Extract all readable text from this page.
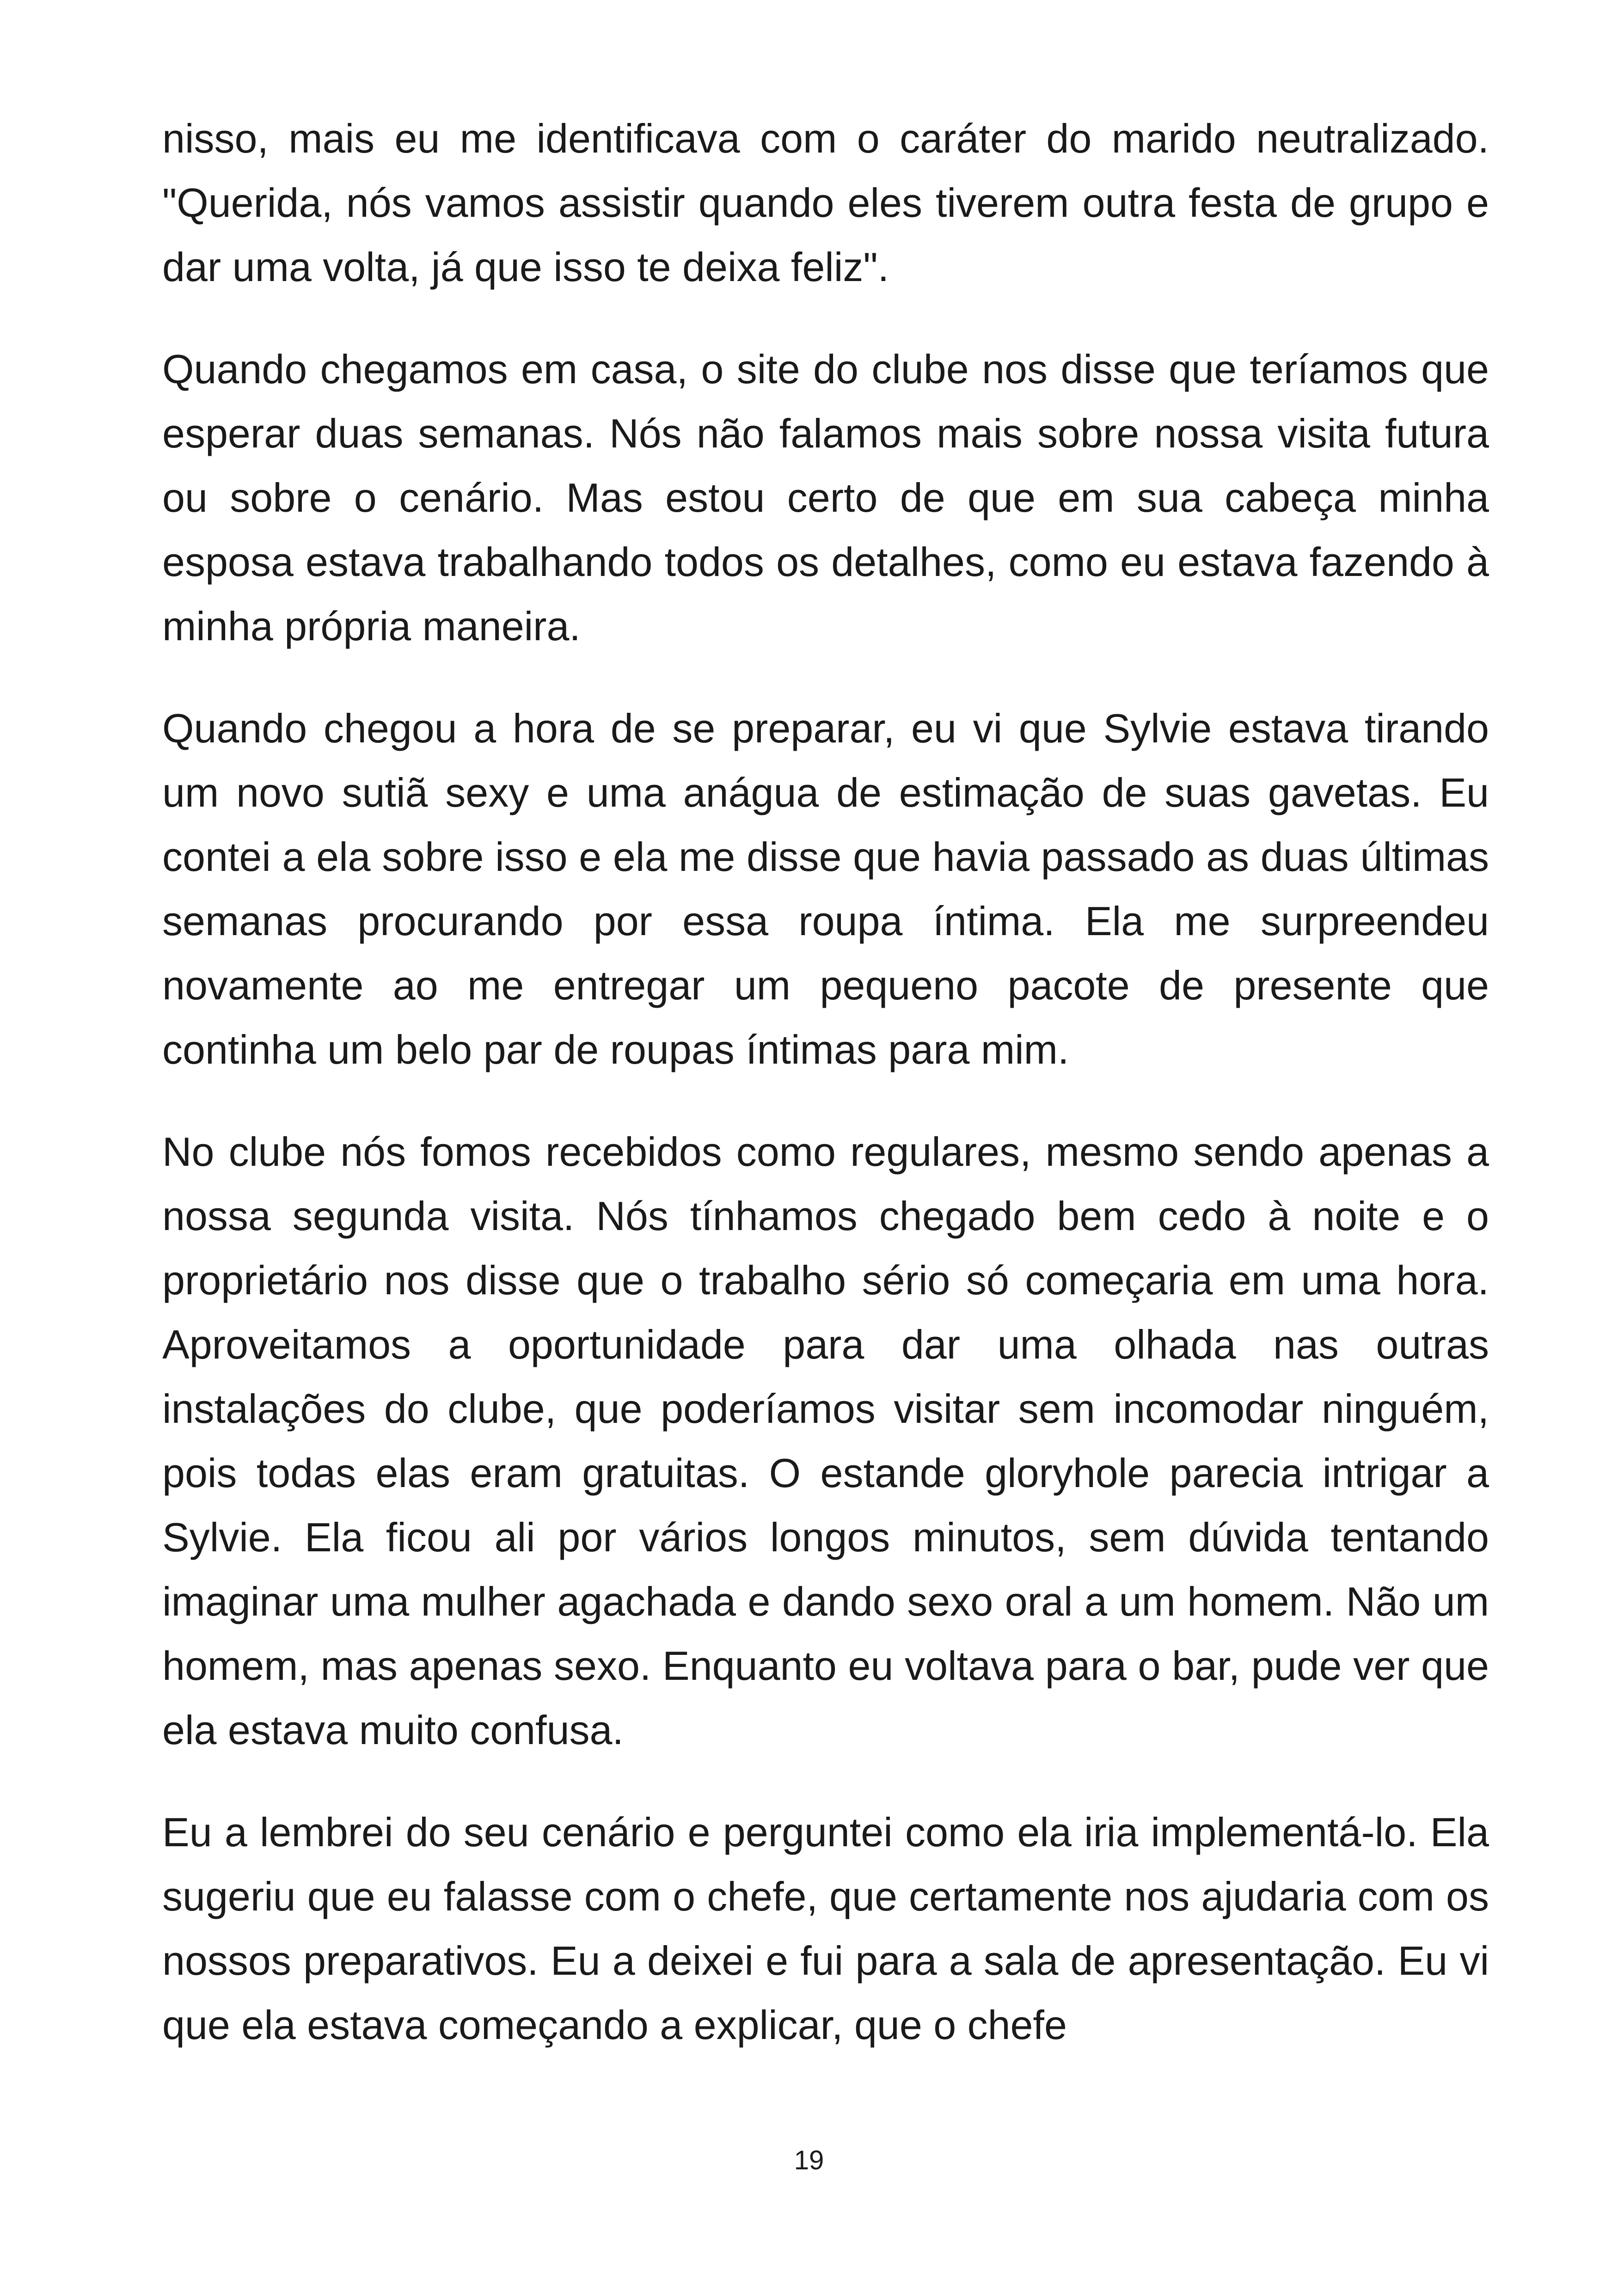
nisso, mais eu me identificava com o caráter do marido neutralizado. "Querida, nós vamos assistir quando eles tiverem outra festa de grupo e dar uma volta, já que isso te deixa feliz".

Quando chegamos em casa, o site do clube nos disse que teríamos que esperar duas semanas. Nós não falamos mais sobre nossa visita futura ou sobre o cenário. Mas estou certo de que em sua cabeça minha esposa estava trabalhando todos os detalhes, como eu estava fazendo à minha própria maneira.

Quando chegou a hora de se preparar, eu vi que Sylvie estava tirando um novo sutiã sexy e uma anágua de estimação de suas gavetas. Eu contei a ela sobre isso e ela me disse que havia passado as duas últimas semanas procurando por essa roupa íntima. Ela me surpreendeu novamente ao me entregar um pequeno pacote de presente que continha um belo par de roupas íntimas para mim.

No clube nós fomos recebidos como regulares, mesmo sendo apenas a nossa segunda visita. Nós tínhamos chegado bem cedo à noite e o proprietário nos disse que o trabalho sério só começaria em uma hora. Aproveitamos a oportunidade para dar uma olhada nas outras instalações do clube, que poderíamos visitar sem incomodar ninguém, pois todas elas eram gratuitas. O estande gloryhole parecia intrigar a Sylvie. Ela ficou ali por vários longos minutos, sem dúvida tentando imaginar uma mulher agachada e dando sexo oral a um homem. Não um homem, mas apenas sexo. Enquanto eu voltava para o bar, pude ver que ela estava muito confusa.

Eu a lembrei do seu cenário e perguntei como ela iria implementá-lo. Ela sugeriu que eu falasse com o chefe, que certamente nos ajudaria com os nossos preparativos. Eu a deixei e fui para a sala de apresentação. Eu vi que ela estava começando a explicar, que o chefe

19
